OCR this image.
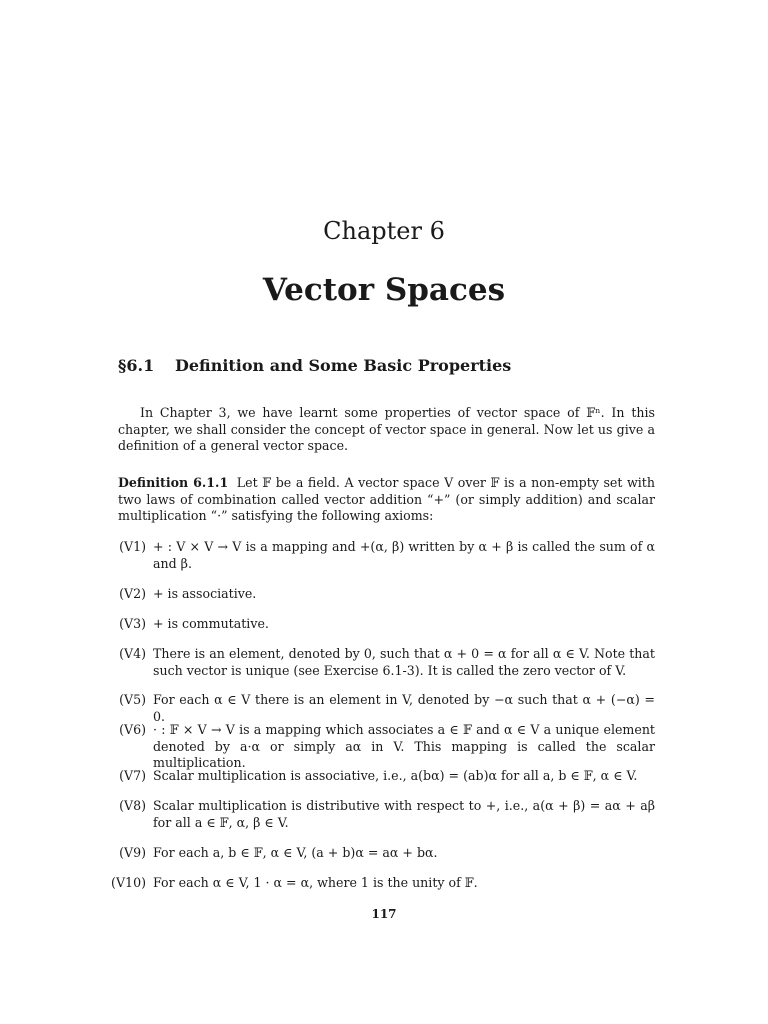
Chapter 6
Vector Spaces
§6.1 Definition and Some Basic Properties

In Chapter 3, we have learnt some properties of vector space of 𝔽ⁿ. In this chapter, we shall consider the concept of vector space in general. Now let us give a definition of a general vector space.

Definition 6.1.1 Let 𝔽 be a field. A vector space V over 𝔽 is a non-empty set with two laws of combination called vector addition “+” (or simply addition) and scalar multiplication “·” satisfying the following axioms:

(V1) + : V × V → V is a mapping and +(α, β) written by α + β is called the sum of α and β.
(V2) + is associative.
(V3) + is commutative.
(V4) There is an element, denoted by 0, such that α + 0 = α for all α ∈ V. Note that such vector is unique (see Exercise 6.1-3). It is called the zero vector of V.
(V5) For each α ∈ V there is an element in V, denoted by −α such that α + (−α) = 0.
(V6) · : 𝔽 × V → V is a mapping which associates a ∈ 𝔽 and α ∈ V a unique element denoted by a·α or simply aα in V. This mapping is called the scalar multiplication.
(V7) Scalar multiplication is associative, i.e., a(bα) = (ab)α for all a, b ∈ 𝔽, α ∈ V.
(V8) Scalar multiplication is distributive with respect to +, i.e., a(α + β) = aα + aβ for all a ∈ 𝔽, α, β ∈ V.
(V9) For each a, b ∈ 𝔽, α ∈ V, (a + b)α = aα + bα.
(V10) For each α ∈ V, 1 · α = α, where 1 is the unity of 𝔽.
117
